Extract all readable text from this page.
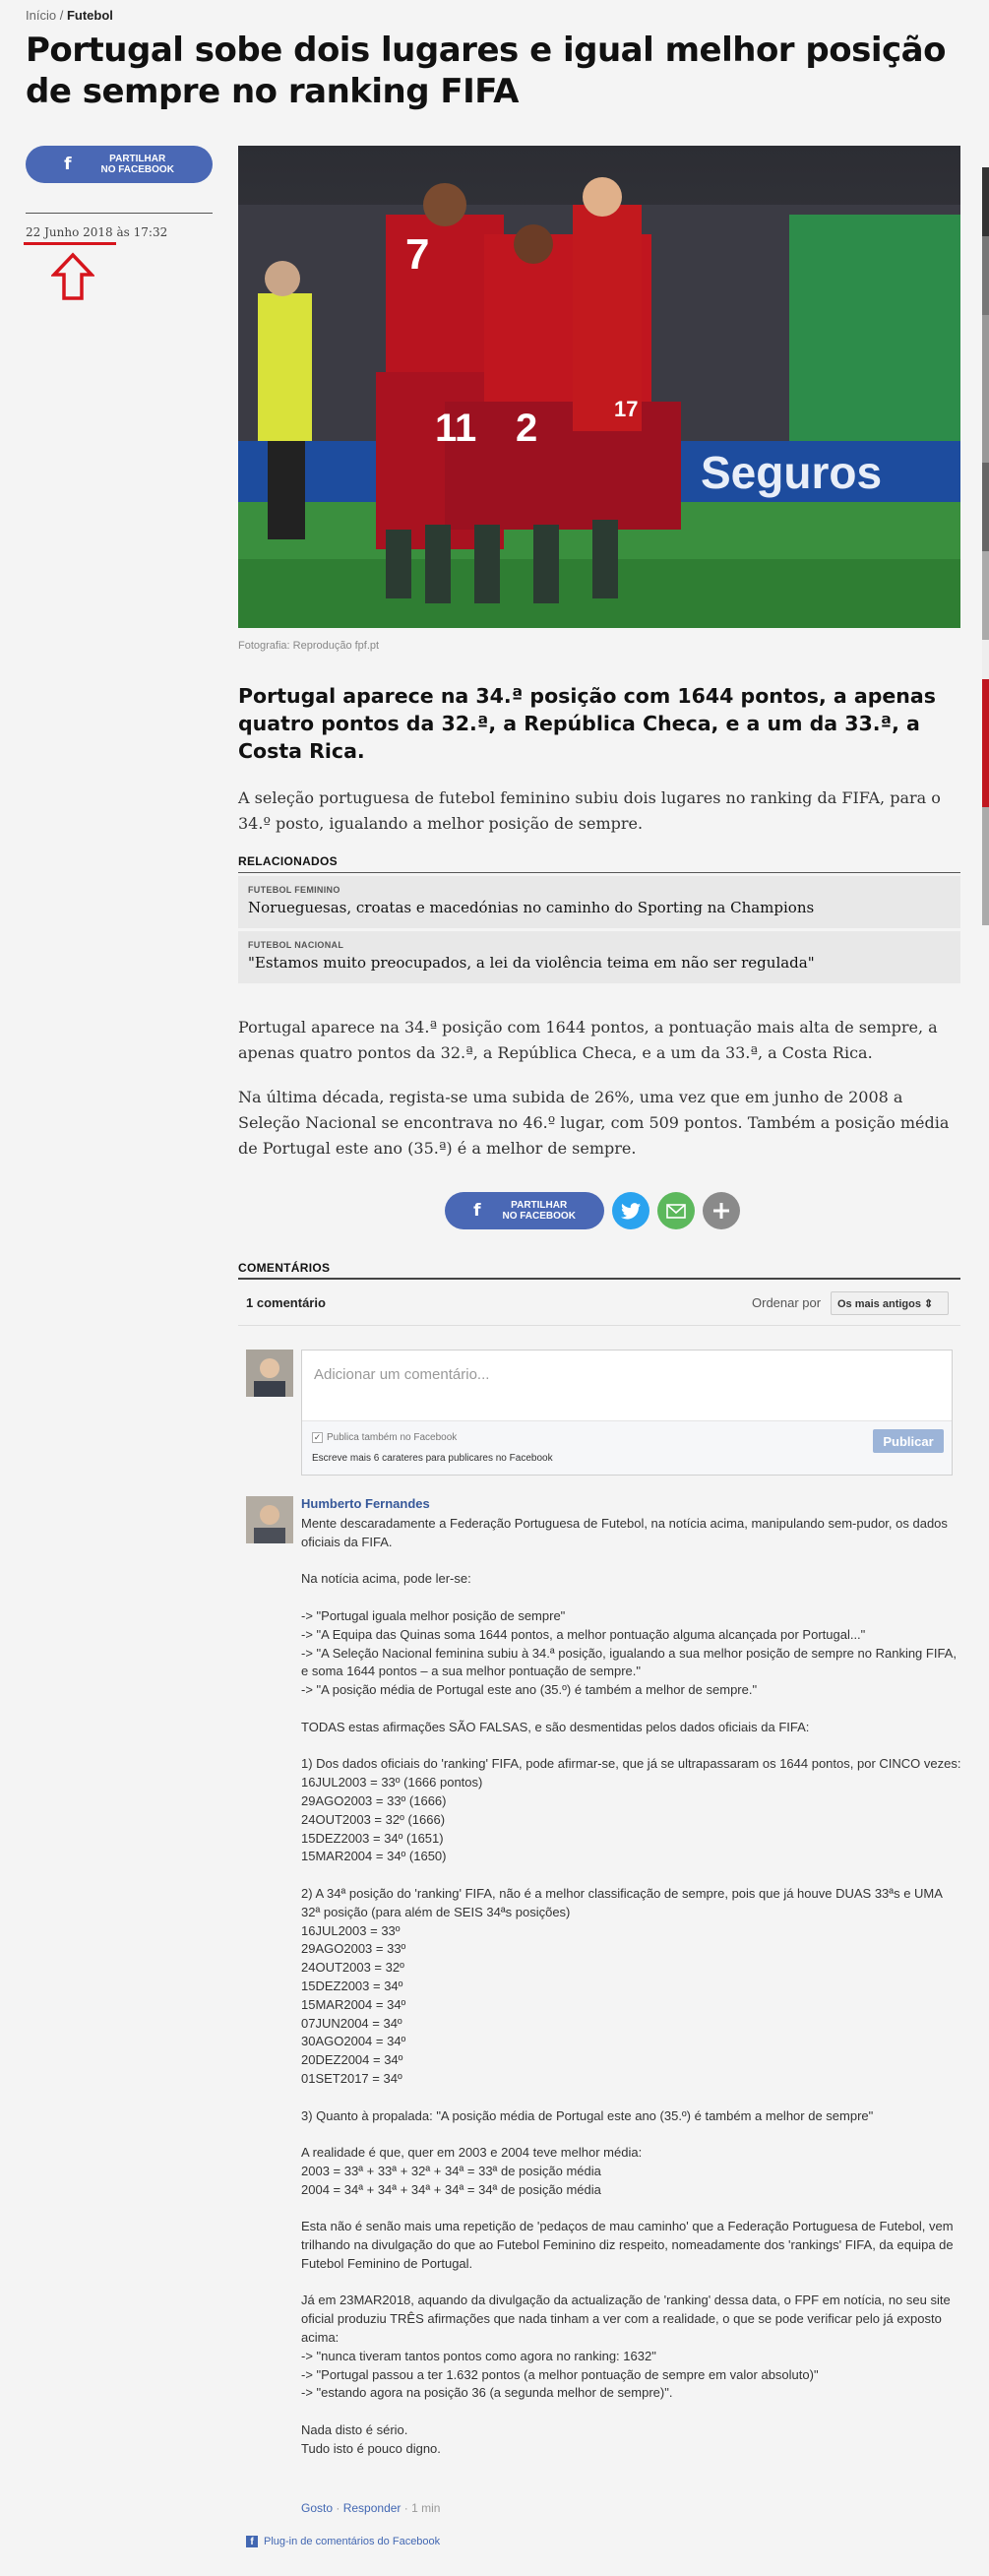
Início / Futebol
Portugal sobe dois lugares e igual melhor posição de sempre no ranking FIFA
f	PARTILHAR
NO FACEBOOK
22 Junho 2018 às 17:32
Seguros
7
11 2	17
Fotografia: Reprodução fpf.pt
Portugal aparece na 34.ª posição com 1644 pontos, a apenas quatro pontos da 32.ª, a República Checa, e a um da 33.ª, a Costa Rica.

A seleção portuguesa de futebol feminino subiu dois lugares no ranking da FIFA, para o 34.º posto, igualando a melhor posição de sempre.

RELACIONADOS
FUTEBOL FEMININO
Norueguesas, croatas e macedónias no caminho do Sporting na Champions
FUTEBOL NACIONAL
"Estamos muito preocupados, a lei da violência teima em não ser regulada"

Portugal aparece na 34.ª posição com 1644 pontos, a pontuação mais alta de sempre, a apenas quatro pontos da 32.ª, a República Checa, e a um da 33.ª, a Costa Rica.

Na última década, regista-se uma subida de 26%, uma vez que em junho de 2008 a Seleção Nacional se encontrava no 46.º lugar, com 509 pontos. Também a posição média de Portugal este ano (35.ª) é a melhor de sempre.

f	PARTILHAR
NO FACEBOOK
COMENTÁRIOS
1 comentário	Ordenar por	Os mais antigos ⇕
Adicionar um comentário...
✓ Publica também no Facebook
Escreve mais 6 carateres para publicares no Facebook
Publicar
Humberto Fernandes

Mente descaradamente a Federação Portuguesa de Futebol, na notícia acima, manipulando sem-pudor, os dados oficiais da FIFA.

Na notícia acima, pode ler-se:

-> "Portugal iguala melhor posição de sempre"
-> "A Equipa das Quinas soma 1644 pontos, a melhor pontuação alguma alcançada por Portugal..."
-> "A Seleção Nacional feminina subiu à 34.ª posição, igualando a sua melhor posição de sempre no Ranking FIFA, e soma 1644 pontos – a sua melhor pontuação de sempre."
-> "A posição média de Portugal este ano (35.º) é também a melhor de sempre."

TODAS estas afirmações SÃO FALSAS, e são desmentidas pelos dados oficiais da FIFA:

1) Dos dados oficiais do 'ranking' FIFA, pode afirmar-se, que já se ultrapassaram os 1644 pontos, por CINCO vezes:
16JUL2003 = 33º (1666 pontos)
29AGO2003 = 33º (1666)
24OUT2003 = 32º (1666)
15DEZ2003 = 34º (1651)
15MAR2004 = 34º (1650)

2) A 34ª posição do 'ranking' FIFA, não é a melhor classificação de sempre, pois que já houve DUAS 33ªs e UMA 32ª posição (para além de SEIS 34ªs posições)
16JUL2003 = 33º
29AGO2003 = 33º
24OUT2003 = 32º
15DEZ2003 = 34º
15MAR2004 = 34º
07JUN2004 = 34º
30AGO2004 = 34º
20DEZ2004 = 34º
01SET2017 = 34º

3) Quanto à propalada: "A posição média de Portugal este ano (35.º) é também a melhor de sempre"

A realidade é que, quer em 2003 e 2004 teve melhor média:
2003 = 33ª + 33ª + 32ª + 34ª = 33ª de posição média
2004 = 34ª + 34ª + 34ª + 34ª = 34ª de posição média

Esta não é senão mais uma repetição de 'pedaços de mau caminho' que a Federação Portuguesa de Futebol, vem trilhando na divulgação do que ao Futebol Feminino diz respeito, nomeadamente dos 'rankings' FIFA, da equipa de Futebol Feminino de Portugal.

Já em 23MAR2018, aquando da divulgação da actualização de 'ranking' dessa data, o FPF em notícia, no seu site oficial produziu TRÊS afirmações que nada tinham a ver com a realidade, o que se pode verificar pelo já exposto acima:
-> "nunca tiveram tantos pontos como agora no ranking: 1632"
-> "Portugal passou a ter 1.632 pontos (a melhor pontuação de sempre em valor absoluto)"
-> "estando agora na posição 36 (a segunda melhor de sempre)".

Nada disto é sério.
Tudo isto é pouco digno.

Gosto · Responder · 1 min
f Plug-in de comentários do Facebook
